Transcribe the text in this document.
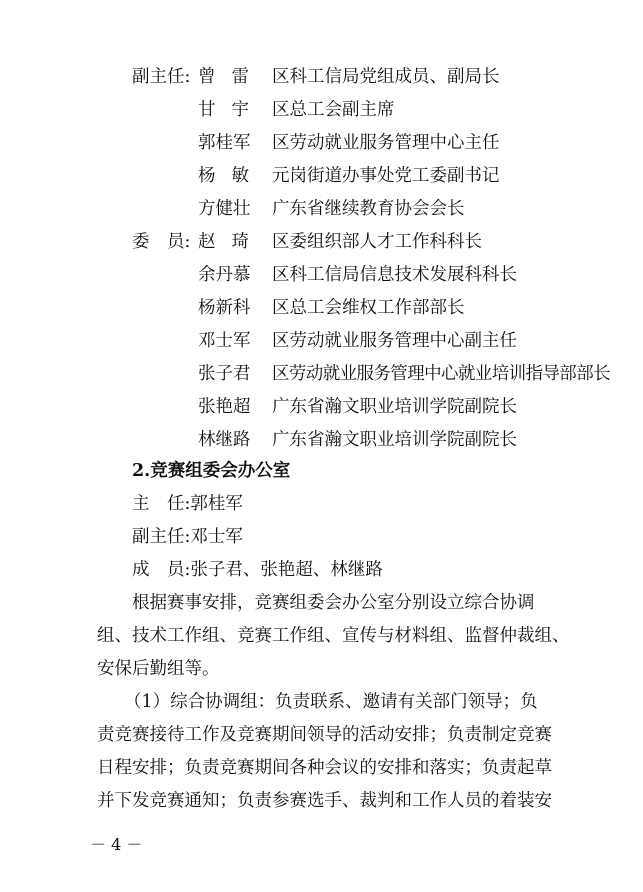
副主任: 曾雷 区科工信局党组成员、副局长
甘宇 区总工会副主席
郭桂军 区劳动就业服务管理中心主任
杨敏 元岗街道办事处党工委副书记
方健壮 广东省继续教育协会会长
委　员: 赵琦 区委组织部人才工作科科长
余丹慕 区科工信局信息技术发展科科长
杨新科 区总工会维权工作部部长
邓士军 区劳动就业服务管理中心副主任
张子君 区劳动就业服务管理中心就业培训指导部部长
张艳超 广东省瀚文职业培训学院副院长
林继路 广东省瀚文职业培训学院副院长
2.竞赛组委会办公室
主　任:郭桂军
副主任:邓士军
成　员:张子君、张艳超、林继路
根据赛事安排，竞赛组委会办公室分别设立综合协调
组、技术工作组、竞赛工作组、宣传与材料组、监督仲裁组、
安保后勤组等。
（1）综合协调组：负责联系、邀请有关部门领导；负
责竞赛接待工作及竞赛期间领导的活动安排；负责制定竞赛
日程安排；负责竞赛期间各种会议的安排和落实；负责起草
并下发竞赛通知；负责参赛选手、裁判和工作人员的着装安
－ 4 －
